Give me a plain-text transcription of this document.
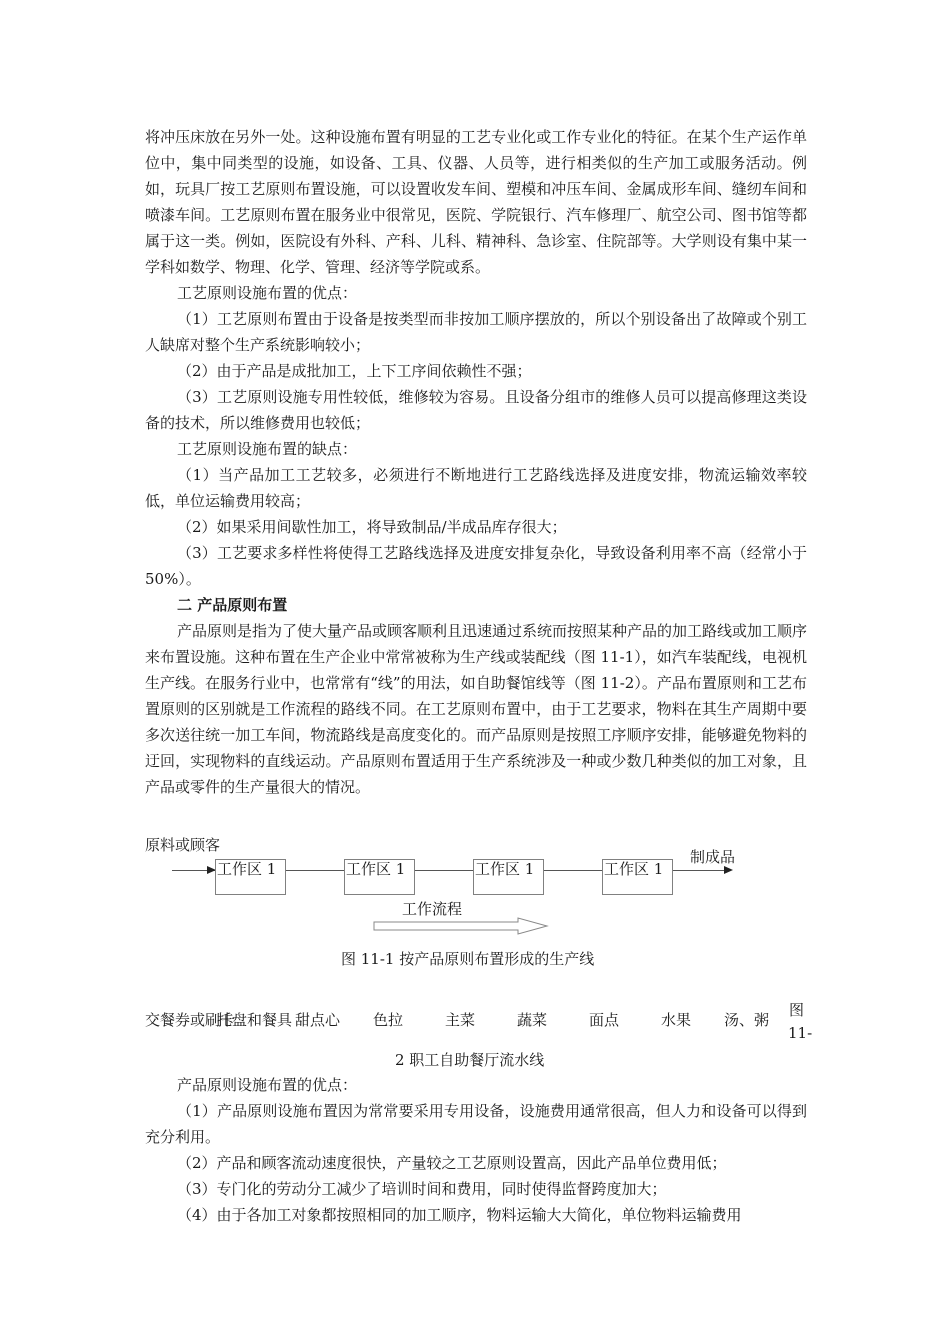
将冲压床放在另外一处。这种设施布置有明显的工艺专业化或工作专业化的特征。在某个生产运作单位中，集中同类型的设施，如设备、工具、仪器、人员等，进行相类似的生产加工或服务活动。例如，玩具厂按工艺原则布置设施，可以设置收发车间、塑模和冲压车间、金属成形车间、缝纫车间和喷漆车间。工艺原则布置在服务业中很常见，医院、学院银行、汽车修理厂、航空公司、图书馆等都属于这一类。例如，医院设有外科、产科、儿科、精神科、急诊室、住院部等。大学则设有集中某一学科如数学、物理、化学、管理、经济等学院或系。

工艺原则设施布置的优点：

（1）工艺原则布置由于设备是按类型而非按加工顺序摆放的，所以个别设备出了故障或个别工人缺席对整个生产系统影响较小；

（2）由于产品是成批加工，上下工序间依赖性不强；

（3）工艺原则设施专用性较低，维修较为容易。且设备分组市的维修人员可以提高修理这类设备的技术，所以维修费用也较低；

工艺原则设施布置的缺点：

（1）当产品加工工艺较多，必须进行不断地进行工艺路线选择及进度安排，物流运输效率较低，单位运输费用较高；

（2）如果采用间歇性加工，将导致制品/半成品库存很大；

（3）工艺要求多样性将使得工艺路线选择及进度安排复杂化，导致设备利用率不高（经常小于 50%）。

二 产品原则布置

产品原则是指为了使大量产品或顾客顺利且迅速通过系统而按照某种产品的加工路线或加工顺序来布置设施。这种布置在生产企业中常常被称为生产线或装配线（图 11-1），如汽车装配线，电视机生产线。在服务行业中，也常常有“线”的用法，如自助餐馆线等（图 11-2）。产品布置原则和工艺布置原则的区别就是工作流程的路线不同。在工艺原则布置中，由于工艺要求，物料在其生产周期中要多次送往统一加工车间，物流路线是高度变化的。而产品原则是按照工序顺序安排，能够避免物料的迂回，实现物料的直线运动。产品原则布置适用于生产系统涉及一种或少数几种类似的加工对象，且产品或零件的生产量很大的情况。

原料或顾客
制成品
工作区 1	工作区 1	工作区 1	工作区 1
工作流程
图 11-1 按产品原则布置形成的生产线
交餐券或刷卡
托盘和餐具 甜点心 色拉	主菜	蔬菜	面点	水果 汤、粥
图
11-
2 职工自助餐厅流水线

产品原则设施布置的优点：

（1）产品原则设施布置因为常常要采用专用设备，设施费用通常很高，但人力和设备可以得到充分利用。

（2）产品和顾客流动速度很快，产量较之工艺原则设置高，因此产品单位费用低；

（3）专门化的劳动分工减少了培训时间和费用，同时使得监督跨度加大；

（4）由于各加工对象都按照相同的加工顺序，物料运输大大简化，单位物料运输费用
